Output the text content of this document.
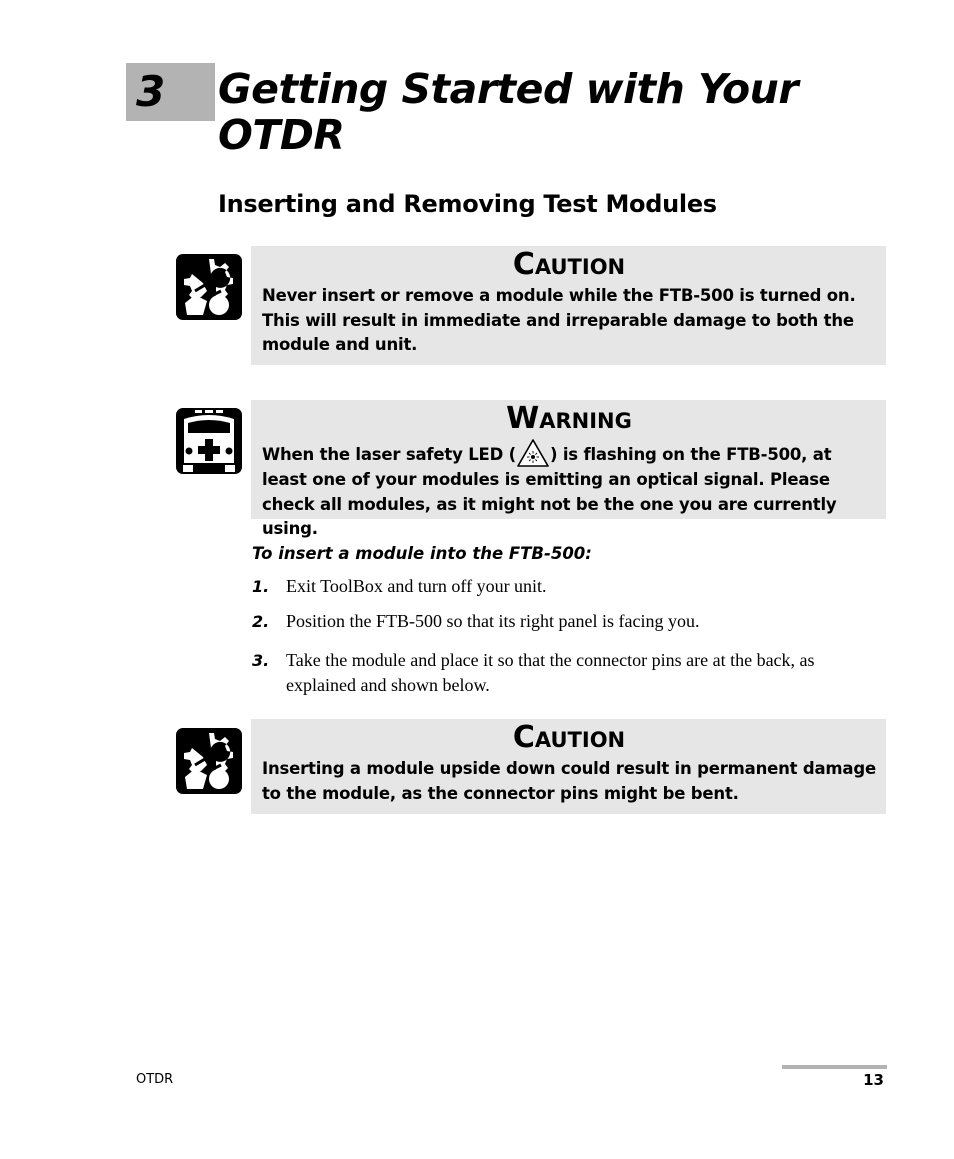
3 Getting Started with Your OTDR
Inserting and Removing Test Modules
Caution
Never insert or remove a module while the FTB-500 is turned on. This will result in immediate and irreparable damage to both the module and unit.
Warning
When the laser safety LED ( ) is flashing on the FTB-500, at least one of your modules is emitting an optical signal. Please check all modules, as it might not be the one you are currently using.
To insert a module into the FTB-500:
1. Exit ToolBox and turn off your unit.
2. Position the FTB-500 so that its right panel is facing you.
3. Take the module and place it so that the connector pins are at the back, as explained and shown below.
Caution
Inserting a module upside down could result in permanent damage to the module, as the connector pins might be bent.
OTDR	13
